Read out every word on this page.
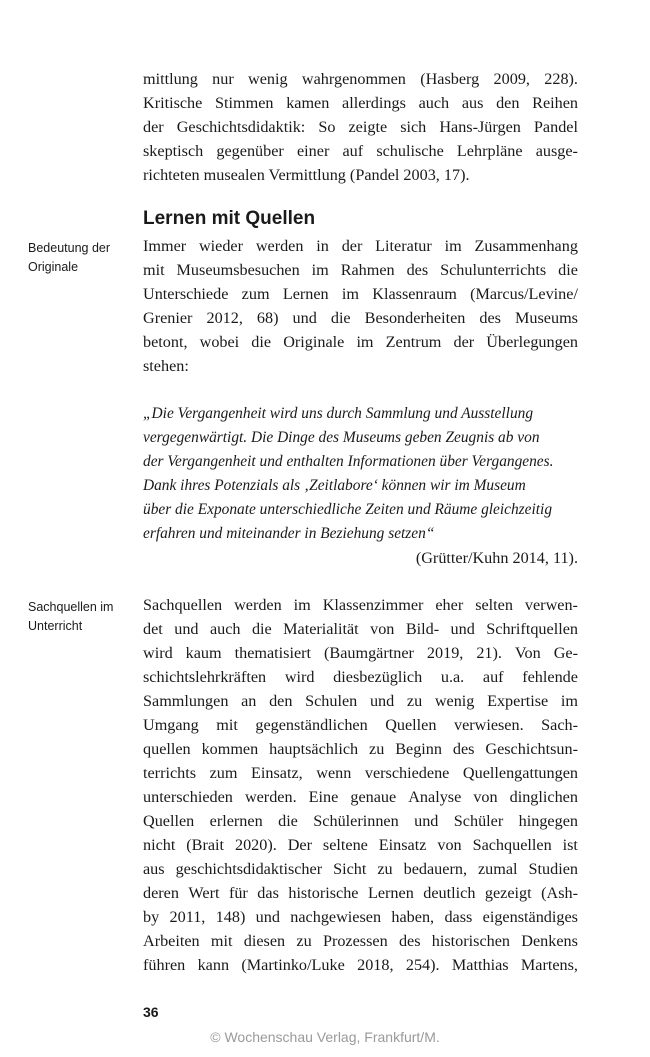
mittlung nur wenig wahrgenommen (Hasberg 2009, 228).
Kritische Stimmen kamen allerdings auch aus den Reihen
der Geschichtsdidaktik: So zeigte sich Hans-Jürgen Pandel
skeptisch gegenüber einer auf schulische Lehrpläne ausge-
richteten musealen Vermittlung (Pandel 2003, 17).
Lernen mit Quellen
Bedeutung der
Originale
Immer wieder werden in der Literatur im Zusammenhang
mit Museumsbesuchen im Rahmen des Schulunterrichts die
Unterschiede zum Lernen im Klassenraum (Marcus/Levine/
Grenier 2012, 68) und die Besonderheiten des Museums
betont, wobei die Originale im Zentrum der Überlegungen
stehen:
„Die Vergangenheit wird uns durch Sammlung und Ausstellung
vergegenwärtigt. Die Dinge des Museums geben Zeugnis ab von
der Vergangenheit und enthalten Informationen über Vergangenes.
Dank ihres Potenzials als ‚Zeitlabore‘ können wir im Museum
über die Exponate unterschiedliche Zeiten und Räume gleichzeitig
erfahren und miteinander in Beziehung setzen“
(Grütter/Kuhn 2014, 11).
Sachquellen im
Unterricht
Sachquellen werden im Klassenzimmer eher selten verwen-
det und auch die Materialität von Bild- und Schriftquellen
wird kaum thematisiert (Baumgärtner 2019, 21). Von Ge-
schichtslehrkräften wird diesbezüglich u.a. auf fehlende
Sammlungen an den Schulen und zu wenig Expertise im
Umgang mit gegenständlichen Quellen verwiesen. Sach-
quellen kommen hauptsächlich zu Beginn des Geschichtsun-
terrichts zum Einsatz, wenn verschiedene Quellengattungen
unterschieden werden. Eine genaue Analyse von dinglichen
Quellen erlernen die Schülerinnen und Schüler hingegen
nicht (Brait 2020). Der seltene Einsatz von Sachquellen ist
aus geschichtsdidaktischer Sicht zu bedauern, zumal Studien
deren Wert für das historische Lernen deutlich gezeigt (Ash-
by 2011, 148) und nachgewiesen haben, dass eigenständiges
Arbeiten mit diesen zu Prozessen des historischen Denkens
führen kann (Martinko/Luke 2018, 254). Matthias Martens,
36
© Wochenschau Verlag, Frankfurt/M.
